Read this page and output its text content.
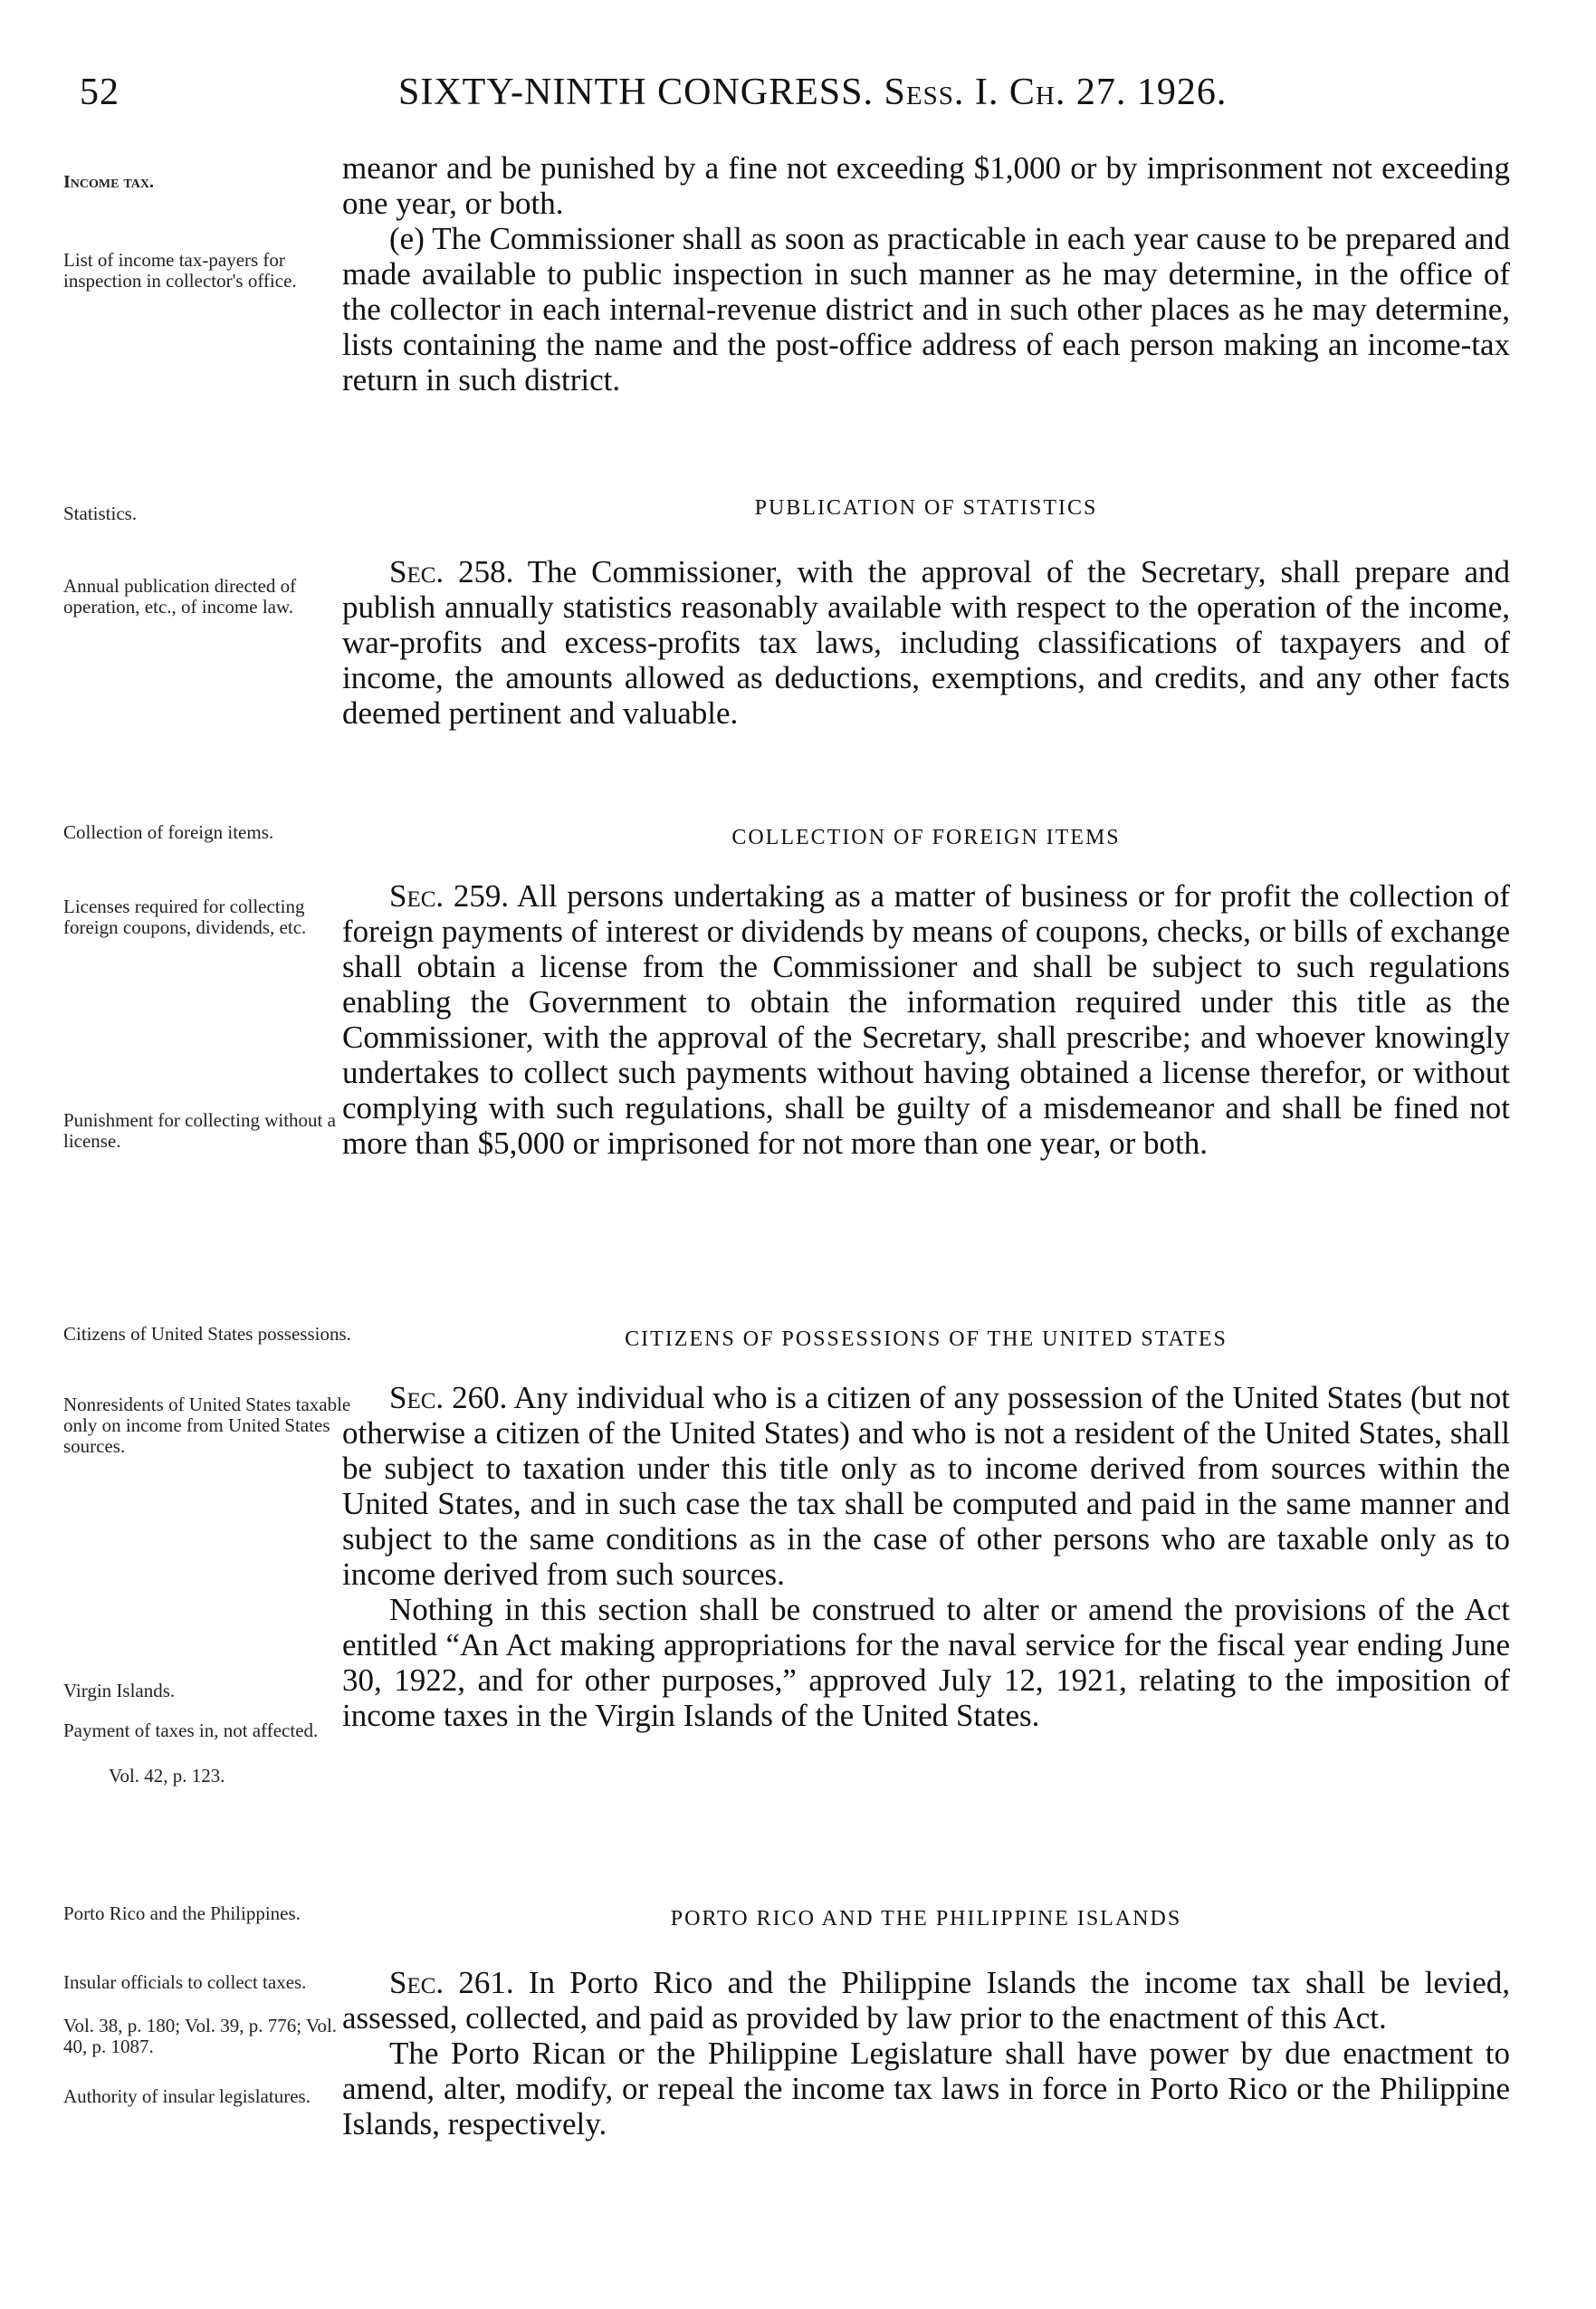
52	SIXTY-NINTH CONGRESS. Sess. I. Ch. 27. 1926.
Income tax.
List of income tax-payers for inspection in collector's office.
Statistics.
Annual publication directed of operation, etc., of income law.
Collection of foreign items.
Licenses required for collecting foreign coupons, dividends, etc.
Punishment for collecting without a license.
Citizens of United States possessions.
Nonresidents of United States taxable only on income from United States sources.
Virgin Islands.
Payment of taxes in, not affected.
Vol. 42, p. 123.
Porto Rico and the Philippines.
Insular officials to collect taxes.
Vol. 38, p. 180; Vol. 39, p. 776; Vol. 40, p. 1087.
Authority of insular legislatures.

meanor and be punished by a fine not exceeding $1,000 or by imprisonment not exceeding one year, or both.

(e) The Commissioner shall as soon as practicable in each year cause to be prepared and made available to public inspection in such manner as he may determine, in the office of the collector in each internal-revenue district and in such other places as he may determine, lists containing the name and the post-office address of each person making an income-tax return in such district.

PUBLICATION OF STATISTICS

Sec. 258. The Commissioner, with the approval of the Secretary, shall prepare and publish annually statistics reasonably available with respect to the operation of the income, war-profits and excess-profits tax laws, including classifications of taxpayers and of income, the amounts allowed as deductions, exemptions, and credits, and any other facts deemed pertinent and valuable.

COLLECTION OF FOREIGN ITEMS

Sec. 259. All persons undertaking as a matter of business or for profit the collection of foreign payments of interest or dividends by means of coupons, checks, or bills of exchange shall obtain a license from the Commissioner and shall be subject to such regulations enabling the Government to obtain the information required under this title as the Commissioner, with the approval of the Secretary, shall prescribe; and whoever knowingly undertakes to collect such payments without having obtained a license therefor, or without complying with such regulations, shall be guilty of a misdemeanor and shall be fined not more than $5,000 or imprisoned for not more than one year, or both.

CITIZENS OF POSSESSIONS OF THE UNITED STATES

Sec. 260. Any individual who is a citizen of any possession of the United States (but not otherwise a citizen of the United States) and who is not a resident of the United States, shall be subject to taxation under this title only as to income derived from sources within the United States, and in such case the tax shall be computed and paid in the same manner and subject to the same conditions as in the case of other persons who are taxable only as to income derived from such sources.

Nothing in this section shall be construed to alter or amend the provisions of the Act entitled “An Act making appropriations for the naval service for the fiscal year ending June 30, 1922, and for other purposes,” approved July 12, 1921, relating to the imposition of income taxes in the Virgin Islands of the United States.

PORTO RICO AND THE PHILIPPINE ISLANDS

Sec. 261. In Porto Rico and the Philippine Islands the income tax shall be levied, assessed, collected, and paid as provided by law prior to the enactment of this Act.

The Porto Rican or the Philippine Legislature shall have power by due enactment to amend, alter, modify, or repeal the income tax laws in force in Porto Rico or the Philippine Islands, respectively.
